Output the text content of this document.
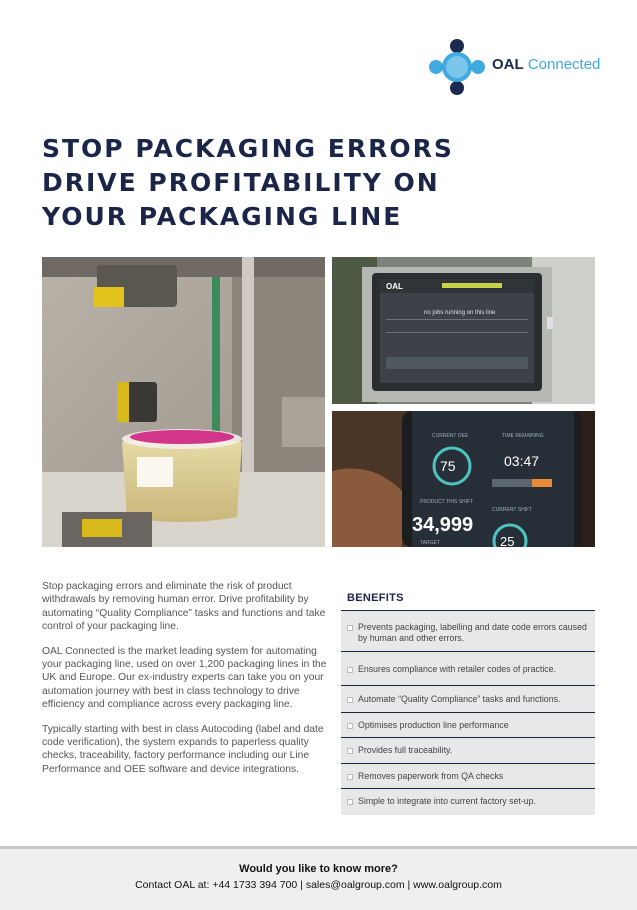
OAL Connected
STOP PACKAGING ERRORS
DRIVE PROFITABILITY ON
YOUR PACKAGING LINE
OAL
no jobs running on this line
CURRENT OEE
75
TIME REMAINING
03:47
PRODUCT THIS SHIFT
34,999
TARGET
CURRENT SHIFT
25

Stop packaging errors and eliminate the risk of product withdrawals by removing human error. Drive profitability by automating “Quality Compliance” tasks and functions and take control of your packaging line.

OAL Connected is the market leading system for automating your packaging line, used on over 1,200 packaging lines in the UK and Europe. Our ex-industry experts can take you on your automation journey with best in class technology to drive efficiency and compliance across every packaging line.

Typically starting with best in class Autocoding (label and date code verification), the system expands to paperless quality checks, traceability, factory performance including our Line Performance and OEE software and device integrations.

BENEFITS
Prevents packaging, labelling and date code errors caused by human and other errors.
Ensures compliance with retailer codes of practice.
Automate “Quality Compliance” tasks and functions.
Optimises production line performance
Provides full traceability.
Removes paperwork from QA checks
Simple to integrate into current factory set-up.
Would you like to know more?
Contact OAL at: +44 1733 394 700 | sales@oalgroup.com | www.oalgroup.com
